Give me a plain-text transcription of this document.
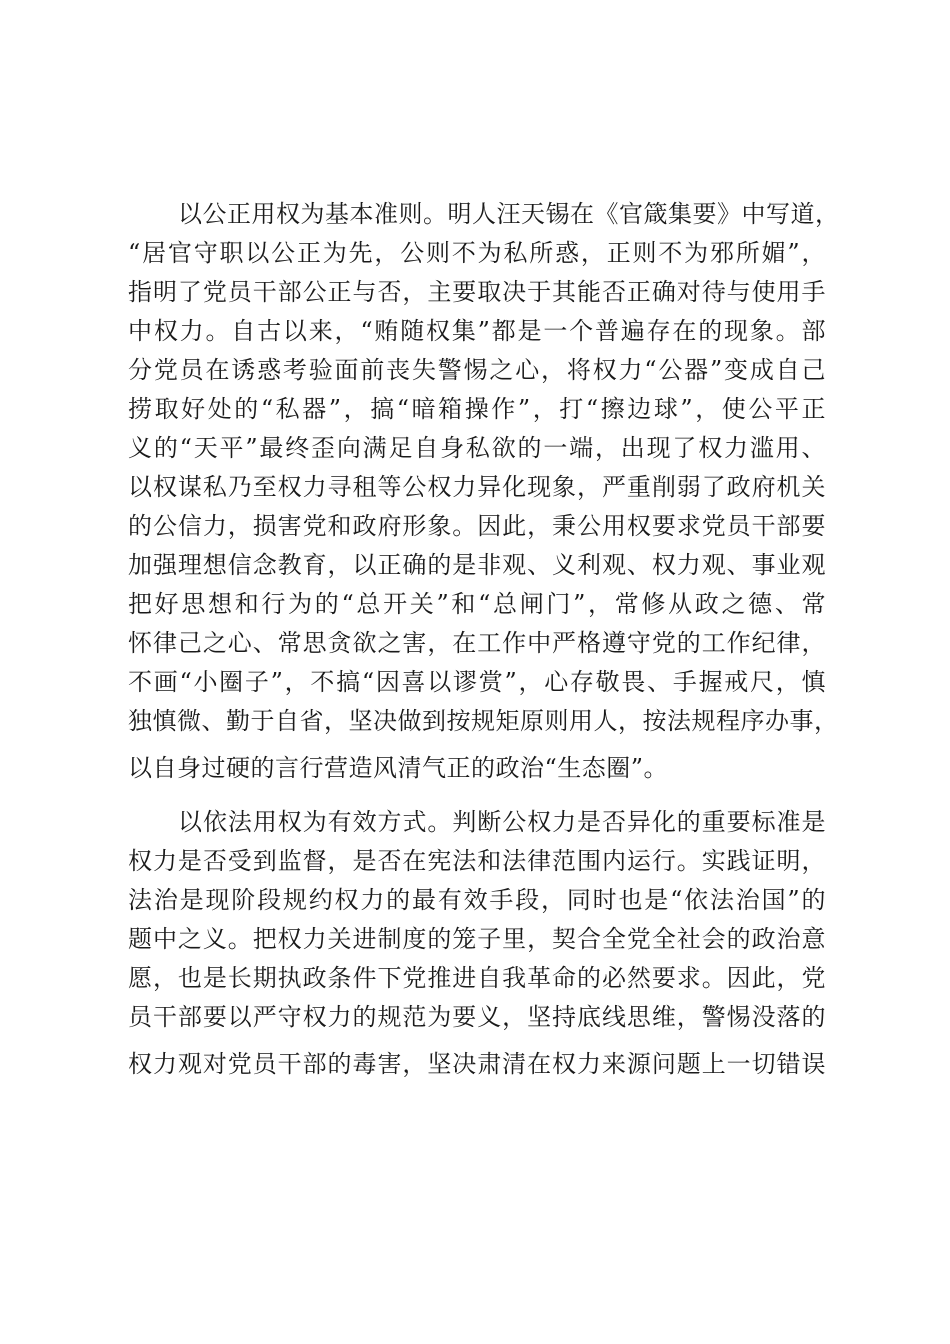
以公正用权为基本准则。明人汪天锡在《官箴集要》中写道，
“居官守职以公正为先，公则不为私所惑，正则不为邪所媚”，
指明了党员干部公正与否，主要取决于其能否正确对待与使用手
中权力。自古以来，“贿随权集”都是一个普遍存在的现象。部
分党员在诱惑考验面前丧失警惕之心，将权力“公器”变成自己
捞取好处的“私器”，搞“暗箱操作”，打“擦边球”，使公平正
义的“天平”最终歪向满足自身私欲的一端，出现了权力滥用、
以权谋私乃至权力寻租等公权力异化现象，严重削弱了政府机关
的公信力，损害党和政府形象。因此，秉公用权要求党员干部要
加强理想信念教育，以正确的是非观、义利观、权力观、事业观
把好思想和行为的“总开关”和“总闸门”，常修从政之德、常
怀律己之心、常思贪欲之害，在工作中严格遵守党的工作纪律，
不画“小圈子”，不搞“因喜以谬赏”，心存敬畏、手握戒尺，慎
独慎微、勤于自省，坚决做到按规矩原则用人，按法规程序办事，
以自身过硬的言行营造风清气正的政治“生态圈”。
以依法用权为有效方式。判断公权力是否异化的重要标准是
权力是否受到监督，是否在宪法和法律范围内运行。实践证明，
法治是现阶段规约权力的最有效手段，同时也是“依法治国”的
题中之义。把权力关进制度的笼子里，契合全党全社会的政治意
愿，也是长期执政条件下党推进自我革命的必然要求。因此，党
员干部要以严守权力的规范为要义，坚持底线思维，警惕没落的
权力观对党员干部的毒害，坚决肃清在权力来源问题上一切错误
